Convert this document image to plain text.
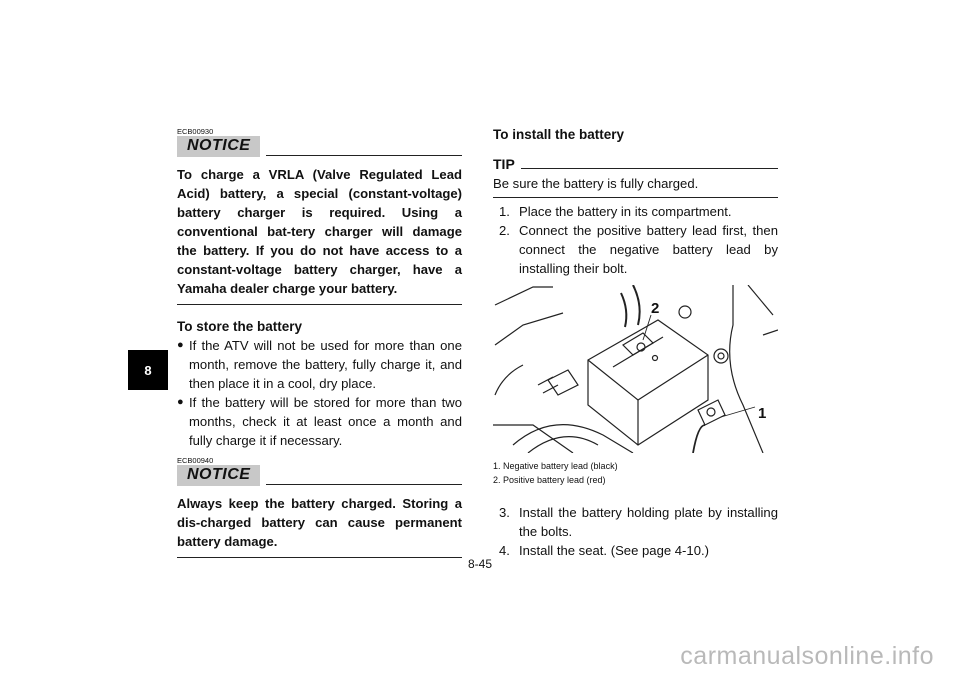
8

ECB00930

NOTICE

To charge a VRLA (Valve Regulated Lead Acid) battery, a special (constant-voltage) battery charger is required. Using a conventional bat-tery charger will damage the battery. If you do not have access to a constant-voltage battery charger, have a Yamaha dealer charge your battery.

To store the battery
● If the ATV will not be used for more than one month, remove the battery, fully charge it, and then place it in a cool, dry place.
● If the battery will be stored for more than two months, check it at least once a month and fully charge it if necessary.

ECB00940

NOTICE

Always keep the battery charged. Storing a dis-charged battery can cause permanent battery damage.

To install the battery
TIP

Be sure the battery is fully charged.

1. Place the battery in its compartment.
2. Connect the positive battery lead first, then connect the negative battery lead by installing their bolt.
2
1
1. Negative battery lead (black)
2. Positive battery lead (red)
3. Install the battery holding plate by installing the bolts.
4. Install the seat. (See page 4-10.)
8-45
carmanualsonline.info
